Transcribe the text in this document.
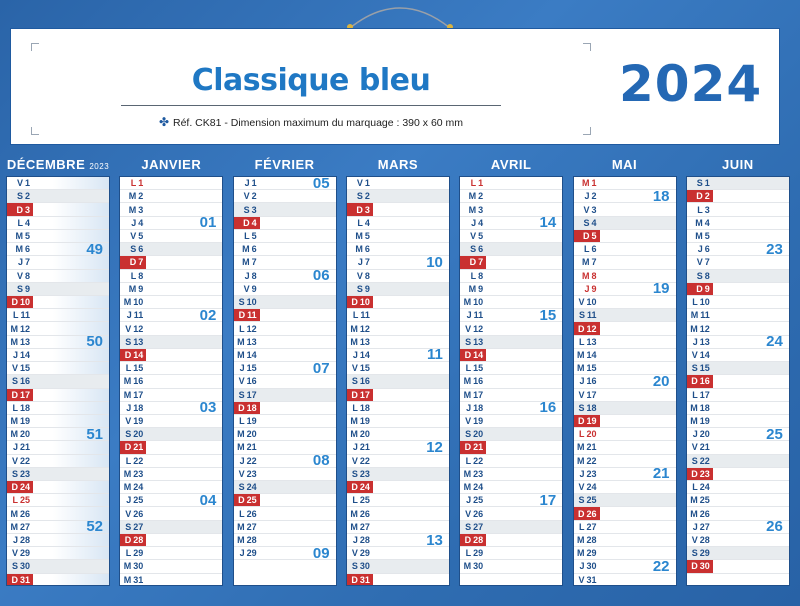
Classique bleu
✤ Réf. CK81 - Dimension maximum du marquage : 390 x 60 mm
2024
DÉCEMBRE 2023
V 1
S 2
D 3
L 4
M 5
M 6	49
J 7
V 8
S 9
D 10
L 11
M 12
M 13	50
J 14
V 15
S 16
D 17
L 18
M 19
M 20	51
J 21
V 22
S 23
D 24
L 25
M 26
M 27	52
J 28
V 29
S 30
D 31
JANVIER
L 1
M 2
M 3
J 4	01
V 5
S 6
D 7
L 8
M 9
M 10
J 11	02
V 12
S 13
D 14
L 15
M 16
M 17
J 18	03
V 19
S 20
D 21
L 22
M 23
M 24
J 25	04
V 26
S 27
D 28
L 29
M 30
M 31
FÉVRIER
J 1	05
V 2
S 3
D 4
L 5
M 6
M 7
J 8	06
V 9
S 10
D 11
L 12
M 13
M 14
J 15	07
V 16
S 17
D 18
L 19
M 20
M 21
J 22	08
V 23
S 24
D 25
L 26
M 27
M 28
J 29	09
MARS
V 1
S 2
D 3
L 4
M 5
M 6
J 7	10
V 8
S 9
D 10
L 11
M 12
M 13
J 14	11
V 15
S 16
D 17
L 18
M 19
M 20
J 21	12
V 22
S 23
D 24
L 25
M 26
M 27
J 28	13
V 29
S 30
D 31
AVRIL
L 1
M 2
M 3
J 4	14
V 5
S 6
D 7
L 8
M 9
M 10
J 11	15
V 12
S 13
D 14
L 15
M 16
M 17
J 18	16
V 19
S 20
D 21
L 22
M 23
M 24
J 25	17
V 26
S 27
D 28
L 29
M 30
MAI
M 1
J 2	18
V 3
S 4
D 5
L 6
M 7
M 8
J 9	19
V 10
S 11
D 12
L 13
M 14
M 15
J 16	20
V 17
S 18
D 19
L 20
M 21
M 22
J 23	21
V 24
S 25
D 26
L 27
M 28
M 29
J 30	22
V 31
JUIN
S 1
D 2
L 3
M 4
M 5
J 6	23
V 7
S 8
D 9
L 10
M 11
M 12
J 13	24
V 14
S 15
D 16
L 17
M 18
M 19
J 20	25
V 21
S 22
D 23
L 24
M 25
M 26
J 27	26
V 28
S 29
D 30
